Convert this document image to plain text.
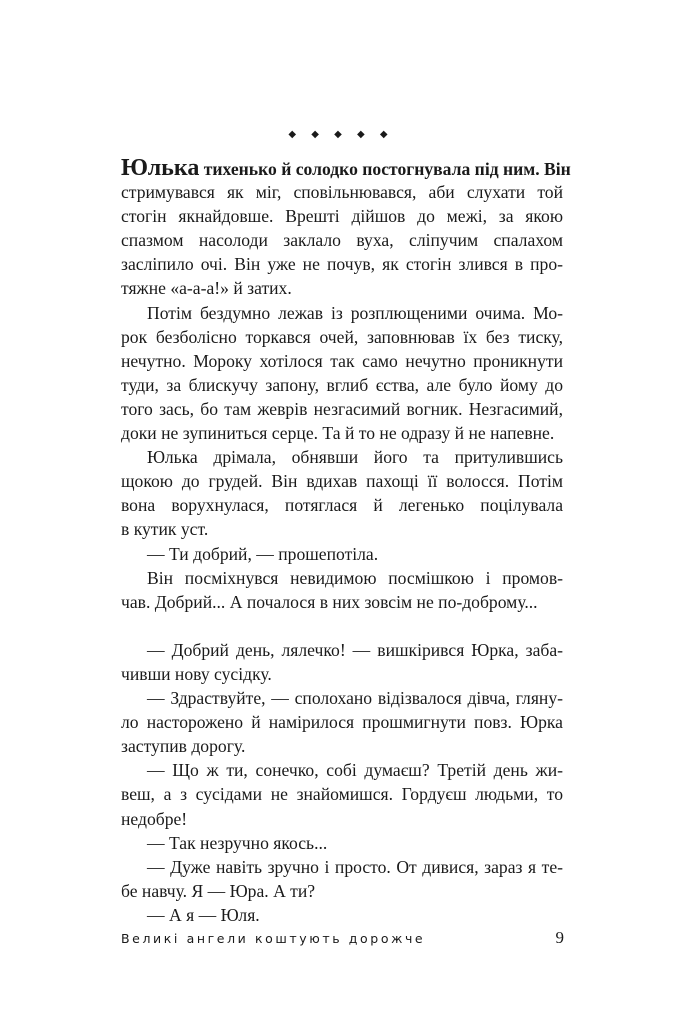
◆ ◆ ◆ ◆ ◆
Юлька тихенько й солодко постогнувала під ним. Він
стримувався як міг, сповільнювався, аби слухати той
стогін якнайдовше. Врешті дійшов до межі, за якою
спазмом насолоди заклало вуха, сліпучим спалахом
засліпило очі. Він уже не почув, як стогін злився в про-
тяжне «а-а-а!» й затих.
Потім бездумно лежав із розплющеними очима. Мо-
рок безболісно торкався очей, заповнював їх без тиску,
нечутно. Мороку хотілося так само нечутно проникнути
туди, за блискучу запону, вглиб єства, але було йому до
того зась, бо там жеврів незгасимий вогник. Незгасимий,
доки не зупиниться серце. Та й то не одразу й не напевне.
Юлька дрімала, обнявши його та притулившись
щокою до грудей. Він вдихав пахощі її волосся. Потім
вона ворухнулася, потяглася й легенько поцілувала
в кутик уст.
— Ти добрий, — прошепотіла.
Він посміхнувся невидимою посмішкою і промов-
чав. Добрий... А почалося в них зовсім не по-доброму...
— Добрий день, лялечко! — вишкірився Юрка, заба-
чивши нову сусідку.
— Здраствуйте, — сполохано відізвалося дівча, гляну-
ло насторожено й намірилося прошмигнути повз. Юрка
заступив дорогу.
— Що ж ти, сонечко, собі думаєш? Третій день жи-
веш, а з сусідами не знайомишся. Гордуєш людьми, то
недобре!
— Так незручно якось...
— Дуже навіть зручно і просто. От дивися, зараз я те-
бе навчу. Я — Юра. А ти?
— А я — Юля.
Великі ангели коштують дорожче	9
